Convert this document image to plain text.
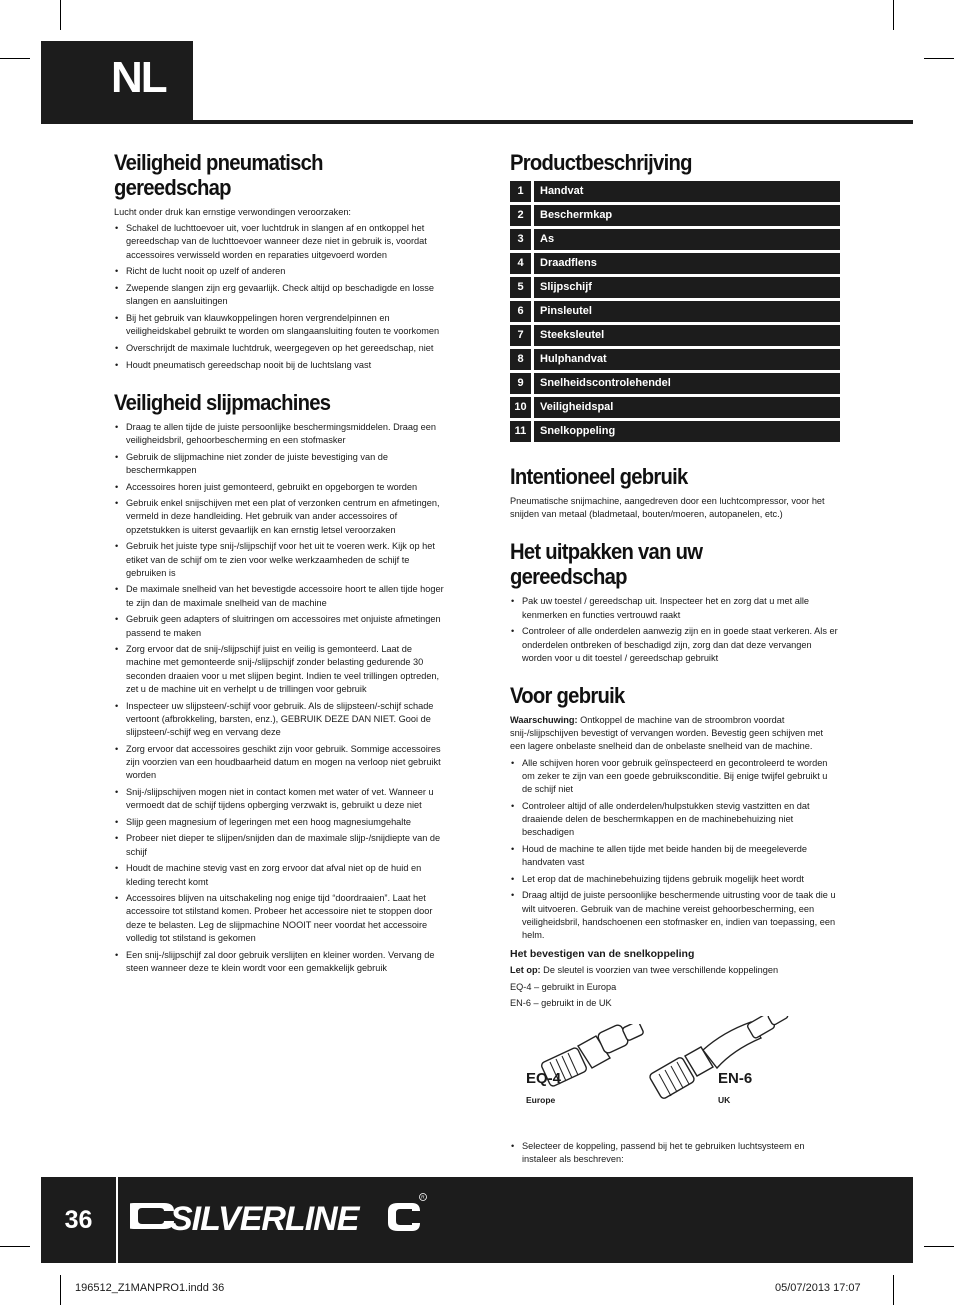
NL
Veiligheid pneumatisch gereedschap

Lucht onder druk kan ernstige verwondingen veroorzaken:

• Schakel de luchttoevoer uit, voer luchtdruk in slangen af en ontkoppel het gereedschap van de luchttoevoer wanneer deze niet in gebruik is, voordat accessoires verwisseld worden en reparaties uitgevoerd worden
• Richt de lucht nooit op uzelf of anderen
• Zwepende slangen zijn erg gevaarlijk. Check altijd op beschadigde en losse slangen en aansluitingen
• Bij het gebruik van klauwkoppelingen horen vergrendelpinnen en veiligheidskabel gebruikt te worden om slangaansluiting fouten te voorkomen
• Overschrijdt de maximale luchtdruk, weergegeven op het gereedschap, niet
• Houdt pneumatisch gereedschap nooit bij de luchtslang vast
Veiligheid slijpmachines
• Draag te allen tijde de juiste persoonlijke beschermingsmiddelen. Draag een veiligheidsbril, gehoorbescherming en een stofmasker
• Gebruik de slijpmachine niet zonder de juiste bevestiging van de beschermkappen
• Accessoires horen juist gemonteerd, gebruikt en opgeborgen te worden
• Gebruik enkel snijschijven met een plat of verzonken centrum en afmetingen, vermeld in deze handleiding. Het gebruik van ander accessoires of opzetstukken is uiterst gevaarlijk en kan ernstig letsel veroorzaken
• Gebruik het juiste type snij-/slijpschijf voor het uit te voeren werk. Kijk op het etiket van de schijf om te zien voor welke werkzaamheden de schijf te gebruiken is
• De maximale snelheid van het bevestigde accessoire hoort te allen tijde hoger te zijn dan de maximale snelheid van de machine
• Gebruik geen adapters of sluitringen om accessoires met onjuiste afmetingen passend te maken
• Zorg ervoor dat de snij-/slijpschijf juist en veilig is gemonteerd. Laat de machine met gemonteerde snij-/slijpschijf zonder belasting gedurende 30 seconden draaien voor u met slijpen begint. Indien te veel trillingen optreden, zet u de machine uit en verhelpt u de trillingen voor gebruik
• Inspecteer uw slijpsteen/-schijf voor gebruik. Als de slijpsteen/-schijf schade vertoont (afbrokkeling, barsten, enz.), GEBRUIK DEZE DAN NIET. Gooi de slijpsteen/-schijf weg en vervang deze
• Zorg ervoor dat accessoires geschikt zijn voor gebruik. Sommige accessoires zijn voorzien van een houdbaarheid datum en mogen na verloop niet gebruikt worden
• Snij-/slijpschijven mogen niet in contact komen met water of vet. Wanneer u vermoedt dat de schijf tijdens opberging verzwakt is, gebruikt u deze niet
• Slijp geen magnesium of legeringen met een hoog magnesiumgehalte
• Probeer niet dieper te slijpen/snijden dan de maximale slijp-/snijdiepte van de schijf
• Houdt de machine stevig vast en zorg ervoor dat afval niet op de huid en kleding terecht komt
• Accessoires blijven na uitschakeling nog enige tijd “doordraaien”. Laat het accessoire tot stilstand komen. Probeer het accessoire niet te stoppen door deze te belasten. Leg de slijpmachine NOOIT neer voordat het accessoire volledig tot stilstand is gekomen
• Een snij-/slijpschijf zal door gebruik verslijten en kleiner worden. Vervang de steen wanneer deze te klein wordt voor een gemakkelijk gebruik
Productbeschrijving
1	Handvat
2	Beschermkap
3	As
4	Draadflens
5	Slijpschijf
6	Pinsleutel
7	Steeksleutel
8	Hulphandvat
9	Snelheidscontrolehendel
10	Veiligheidspal
11	Snelkoppeling
Intentioneel gebruik

Pneumatische snijmachine, aangedreven door een luchtcompressor, voor het snijden van metaal (bladmetaal, bouten/moeren, autopanelen, etc.)

Het uitpakken van uw gereedschap
• Pak uw toestel / gereedschap uit. Inspecteer het en zorg dat u met alle kenmerken en functies vertrouwd raakt
• Controleer of alle onderdelen aanwezig zijn en in goede staat verkeren. Als er onderdelen ontbreken of beschadigd zijn, zorg dan dat deze vervangen worden voor u dit toestel / gereedschap gebruikt
Voor gebruik

Waarschuwing: Ontkoppel de machine van de stroombron voordat snij-/slijpschijven bevestigt of vervangen worden. Bevestig geen schijven met een lagere onbelaste snelheid dan de onbelaste snelheid van de machine.

• Alle schijven horen voor gebruik geïnspecteerd en gecontroleerd te worden om zeker te zijn van een goede gebruiksconditie. Bij enige twijfel gebruikt u de schijf niet
• Controleer altijd of alle onderdelen/hulpstukken stevig vastzitten en dat draaiende delen de beschermkappen en de machinebehuizing niet beschadigen
• Houd de machine te allen tijde met beide handen bij de meegeleverde handvaten vast
• Let erop dat de machinebehuizing tijdens gebruik mogelijk heet wordt
• Draag altijd de juiste persoonlijke beschermende uitrusting voor de taak die u wilt uitvoeren. Gebruik van de machine vereist gehoorbescherming, een veiligheidsbril, handschoenen een stofmasker en, indien van toepassing, een helm.
Het bevestigen van de snelkoppeling

Let op: De sleutel is voorzien van twee verschillende koppelingen

EQ-4 – gebruikt in Europa

EN-6 – gebruikt in de UK

EQ-4
Europe
EN-6
UK
• Selecteer de koppeling, passend bij het te gebruiken luchtsysteem en instaleer als beschreven:
36	SILVERLINE
R
196512_Z1MANPRO1.indd 36	05/07/2013 17:07
